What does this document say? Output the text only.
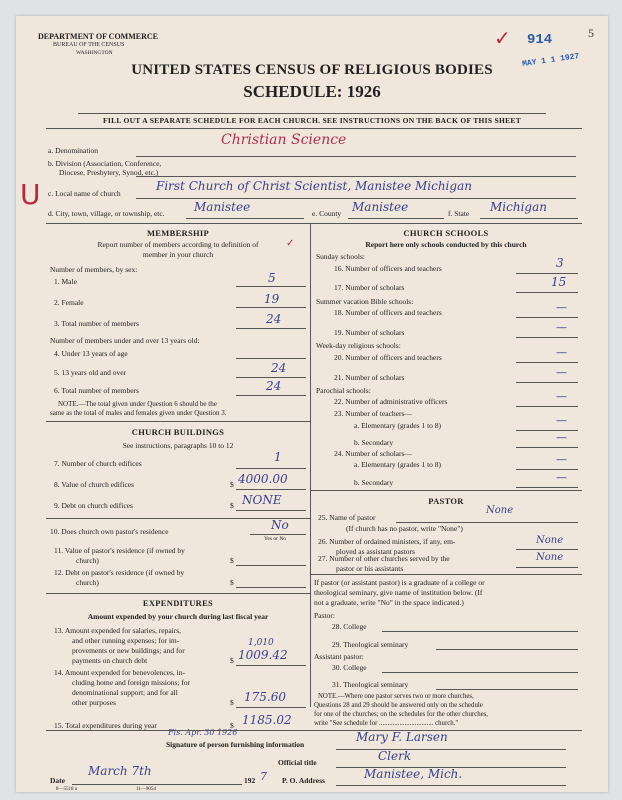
DEPARTMENT OF COMMERCE
BUREAU OF THE CENSUS
WASHINGTON
UNITED STATES CENSUS OF RELIGIOUS BODIES
SCHEDULE: 1926
✓ 914	5
MAY 1 1 1927
FILL OUT A SEPARATE SCHEDULE FOR EACH CHURCH. SEE INSTRUCTIONS ON THE BACK OF THIS SHEET
a. Denomination
Christian Science
b. Division (Association, Conference,
Diocese, Presbytery, Synod, etc.)
U c. Local name of church
First Church of Christ Scientist, Manistee Michigan
d. City, town, village, or township, etc. Manistee	e. County Manistee	f. State Michigan
MEMBERSHIP
Report number of members according to definition of
member in your church
✓
Number of members, by sex:
1. Male	5
2. Female	19
3. Total number of members	24
Number of members under and over 13 years old:
4. Under 13 years of age
5. 13 years old and over	24
6. Total number of members	24
NOTE.—The total given under Question 6 should be the
same as the total of males and females given under Question 3.
CHURCH BUILDINGS
See instructions, paragraphs 10 to 12
7. Number of church edifices	1
8. Value of church edifices	$ 4000.00
9. Debt on church edifices	$ NONE
10. Does church own pastor's residence	No
Yes or No
11. Value of pastor's residence (if owned by
church)	$
12. Debt on pastor's residence (if owned by
church)	$
EXPENDITURES
Amount expended by your church during last fiscal year
13. Amount expended for salaries, repairs,
and other running expenses; for im-
provements or new buildings; and for
payments on church debt
1,010
$ 1009.42
14. Amount expended for benevolences, in-
cluding home and foreign missions; for
denominational support; and for all
other purposes	$ 175.60
15. Total expenditures during year	$ 1185.02
Fis. Apr. 30 1926
CHURCH SCHOOLS
Report here only schools conducted by this church
Sunday schools:
16. Number of officers and teachers	3
17. Number of scholars	15
Summer vacation Bible schools:
18. Number of officers and teachers	—
19. Number of scholars	—
Week-day religious schools:
20. Number of officers and teachers	—
21. Number of scholars	—
Parochial schools:
22. Number of administrative officers	—
23. Number of teachers—
a. Elementary (grades 1 to 8)	—
b. Secondary	—
24. Number of scholars—
a. Elementary (grades 1 to 8)	—
b. Secondary	—
PASTOR
25. Name of pastor
None
(If church has no pastor, write "None")
26. Number of ordained ministers, if any, em-
ployed as assistant pastors
None
27. Number of other churches served by the
pastor or his assistants
None
If pastor (or assistant pastor) is a graduate of a college or
theological seminary, give name of institution below. (If
not a graduate, write "No" in the space indicated.)
Pastor:
28. College
29. Theological seminary
Assistant pastor:
30. College
31. Theological seminary
NOTE.—Where one pastor serves two or more churches,
Questions 28 and 29 should be answered only on the schedule
for one of the churches; on the schedules for the other churches,
write "See schedule for ................................ church."
Signature of person furnishing information
Mary F. Larsen
Official title	Clerk
Date
March 7th
192 7 P. O. Address	Manistee, Mich.
8—5518 a	11—9054
